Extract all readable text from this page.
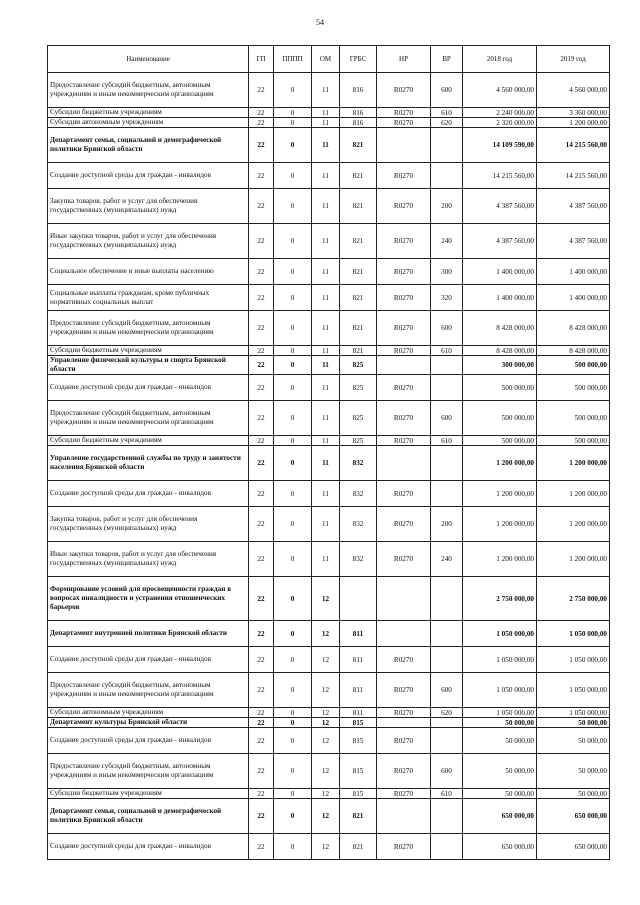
54
Наименование	ГП	ПППП	ОМ	ГРБС	НР	ВР	2018 год	2019 год
Предоставление субсидий бюджетным, автономным учреждениям и иным некоммерческим организациям	22	0	11	816	R0270	600	4 560 000,00	4 560 000,00
Субсидии бюджетным учреждениям	22	0	11	816	R0270	610	2 240 000,00	3 360 000,00
Субсидии автономным учреждениям	22	0	11	816	R0270	620	2 320 000,00	1 200 000,00
Департамент семьи, социальной и демографической политики Брянской области	22	0	11	821			14 109 590,00	14 215 560,00
Создание доступной среды для граждан - инвалидов	22	0	11	821	R0270		14 215 560,00	14 215 560,00
Закупка товаров, работ и услуг для обеспечения государственных (муниципальных) нужд	22	0	11	821	R0270	200	4 387 560,00	4 387 560,00
Иные закупки товаров, работ и услуг для обеспечения государственных (муниципальных) нужд	22	0	11	821	R0270	240	4 387 560,00	4 387 560,00
Социальное обеспечение и иные выплаты населению	22	0	11	821	R0270	300	1 400 000,00	1 400 000,00
Социальные выплаты гражданам, кроме публичных нормативных социальных выплат	22	0	11	821	R0270	320	1 400 000,00	1 400 000,00
Предоставление субсидий бюджетным, автономным учреждениям и иным некоммерческим организациям	22	0	11	821	R0270	600	8 428 000,00	8 428 000,00
Субсидии бюджетным учреждениям	22	0	11	821	R0270	610	8 428 000,00	8 428 000,00
Управление физической культуры и спорта Брянской области	22	0	11	825			300 000,00	500 000,00
Создание доступной среды для граждан - инвалидов	22	0	11	825	R0270		500 000,00	500 000,00
Предоставление субсидий бюджетным, автономным учреждениям и иным некоммерческим организациям	22	0	11	825	R0270	600	500 000,00	500 000,00
Субсидии бюджетным учреждениям	22	0	11	825	R0270	610	500 000,00	500 000,00
Управление государственной службы по труду и занятости населения Брянской области	22	0	11	832			1 200 000,00	1 200 000,00
Создание доступной среды для граждан - инвалидов	22	0	11	832	R0270		1 200 000,00	1 200 000,00
Закупка товаров, работ и услуг для обеспечения государственных (муниципальных) нужд	22	0	11	832	R0270	200	1 200 000,00	1 200 000,00
Иные закупки товаров, работ и услуг для обеспечения государственных (муниципальных) нужд	22	0	11	832	R0270	240	1 200 000,00	1 200 000,00
Формирование условий для просвещенности граждан в вопросах инвалидности и устранения отношенческих барьеров	22	0	12				2 750 000,00	2 750 000,00
Департамент внутренней политики Брянской области	22	0	12	811			1 050 000,00	1 050 000,00
Создание доступной среды для граждан - инвалидов	22	0	12	811	R0270		1 050 000,00	1 050 000,00
Предоставление субсидий бюджетным, автономным учреждениям и иным некоммерческим организациям	22	0	12	811	R0270	600	1 050 000,00	1 050 000,00
Субсидии автономным учреждениям	22	0	12	811	R0270	620	1 050 000,00	1 050 000,00
Департамент культуры Брянской области	22	0	12	815			50 000,00	50 000,00
Создание доступной среды для граждан - инвалидов	22	0	12	815	R0270		50 000,00	50 000,00
Предоставление субсидий бюджетным, автономным учреждениям и иным некоммерческим организациям	22	0	12	815	R0270	600	50 000,00	50 000,00
Субсидии бюджетным учреждениям	22	0	12	815	R0270	610	50 000,00	50 000,00
Департамент семьи, социальной и демографической политики Брянской области	22	0	12	821			650 000,00	650 000,00
Создание доступной среды для граждан - инвалидов	22	0	12	821	R0270		650 000,00	650 000,00
